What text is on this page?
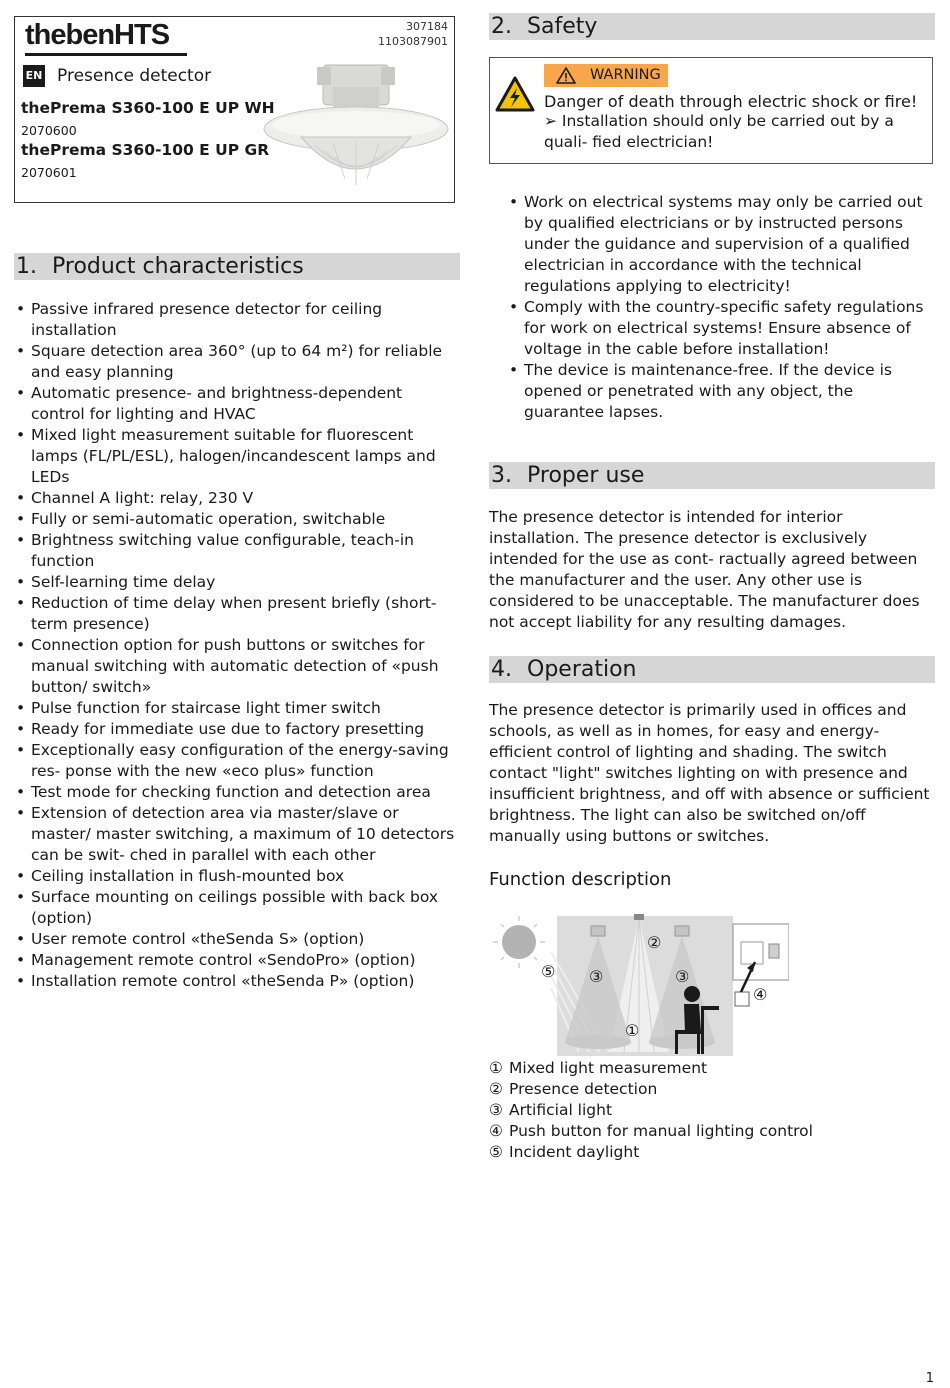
thebenHTS	307184
1103087901
EN Presence detector
thePrema S360-100 E UP WH
2070600
thePrema S360-100 E UP GR
2070601
1. Product characteristics
• Passive infrared presence detector for ceiling installation
• Square detection area 360° (up to 64 m²) for reliable and easy planning
• Automatic presence- and brightness-dependent control for lighting and HVAC
• Mixed light measurement suitable for fluorescent lamps (FL/PL/ESL), halogen/incandescent lamps and LEDs
• Channel A light: relay, 230 V
• Fully or semi-automatic operation, switchable
• Brightness switching value configurable, teach-in function
• Self-learning time delay
• Reduction of time delay when present briefly (short-term presence)
• Connection option for push buttons or switches for manual switching with automatic detection of «push button/ switch»
• Pulse function for staircase light timer switch
• Ready for immediate use due to factory presetting
• Exceptionally easy configuration of the energy-saving res- ponse with the new «eco plus» function
• Test mode for checking function and detection area
• Extension of detection area via master/slave or master/ master switching, a maximum of 10 detectors can be swit- ched in parallel with each other
• Ceiling installation in flush-mounted box
• Surface mounting on ceilings possible with back box (option)
• User remote control «theSenda S» (option)
• Management remote control «SendoPro» (option)
• Installation remote control «theSenda P» (option)
2. Safety
WARNING
Danger of death through electric shock or fire!
➢ Installation should only be carried out by a quali- fied electrician!
• Work on electrical systems may only be carried out by qualified electricians or by instructed persons under the guidance and supervision of a qualified electrician in accordance with the technical regulations applying to electricity!
• Comply with the country-specific safety regulations for work on electrical systems! Ensure absence of voltage in the cable before installation!
• The device is maintenance-free. If the device is opened or penetrated with any object, the guarantee lapses.
3. Proper use
The presence detector is intended for interior installation. The presence detector is exclusively intended for the use as cont- ractually agreed between the manufacturer and the user. Any other use is considered to be unacceptable. The manufacturer does not accept liability for any resulting damages.
4. Operation
The presence detector is primarily used in offices and schools, as well as in homes, for easy and energy-efficient control of lighting and shading. The switch contact "light" switches lighting on with presence and insufficient brightness, and off with absence or sufficient brightness. The light can also be switched on/off manually using buttons or switches.
Function description
②
⑤ ③	③
①
④
① Mixed light measurement
② Presence detection
③ Artificial light
④ Push button for manual lighting control
⑤ Incident daylight
1
